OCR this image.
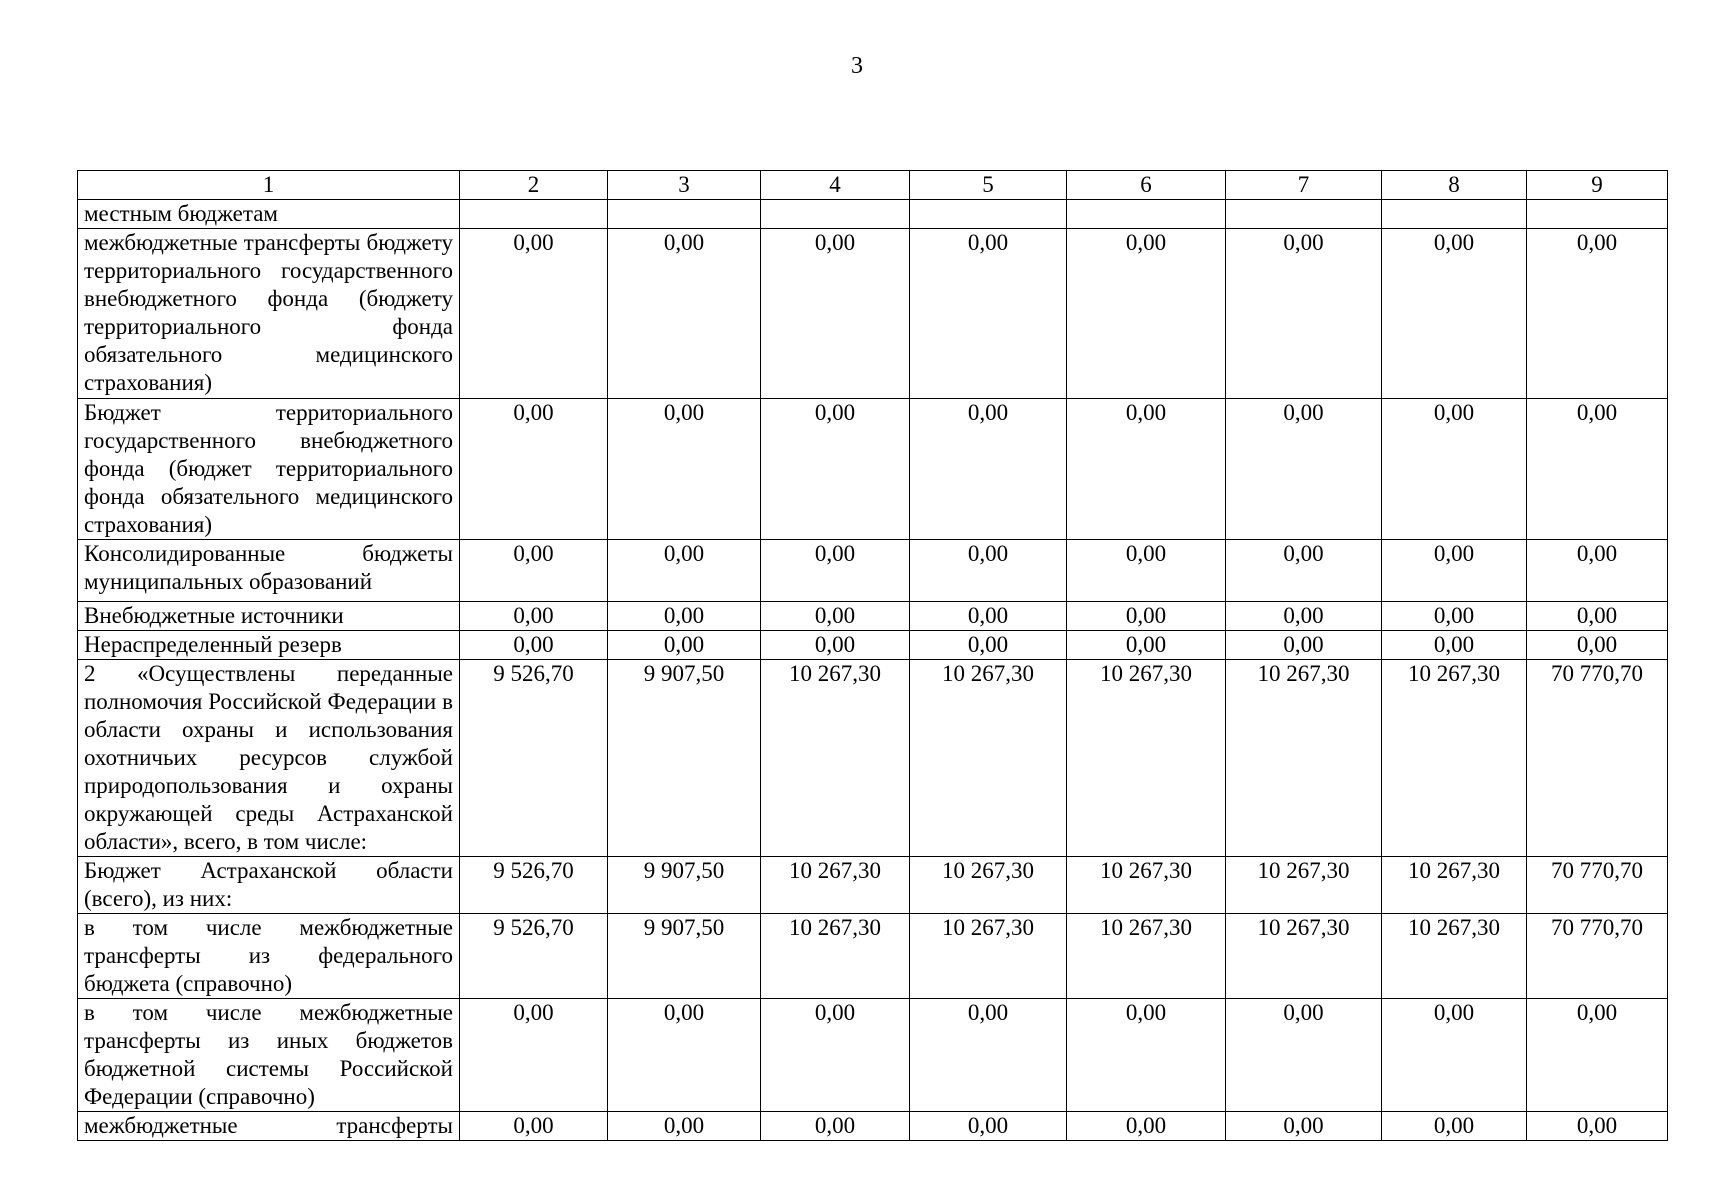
3
1	2	3	4	5	6	7	8	9
местным бюджетам								
межбюджетные трансферты бюджету территориального государственного внебюджетного фонда (бюджету территориального фонда обязательного медицинского страхования)	0,00	0,00	0,00	0,00	0,00	0,00	0,00	0,00
Бюджет территориального государственного внебюджетного фонда (бюджет территориального фонда обязательного медицинского страхования)	0,00	0,00	0,00	0,00	0,00	0,00	0,00	0,00
Консолидированные бюджеты муниципальных образований	0,00	0,00	0,00	0,00	0,00	0,00	0,00	0,00
Внебюджетные источники	0,00	0,00	0,00	0,00	0,00	0,00	0,00	0,00
Нераспределенный резерв	0,00	0,00	0,00	0,00	0,00	0,00	0,00	0,00
2 «Осуществлены переданные полномочия Российской Федерации в области охраны и использования охотничьих ресурсов службой природопользования и охраны окружающей среды Астраханской области», всего, в том числе:	9 526,70	9 907,50	10 267,30	10 267,30	10 267,30	10 267,30	10 267,30	70 770,70
Бюджет Астраханской области (всего), из них:	9 526,70	9 907,50	10 267,30	10 267,30	10 267,30	10 267,30	10 267,30	70 770,70
в том числе межбюджетные трансферты из федерального бюджета (справочно)	9 526,70	9 907,50	10 267,30	10 267,30	10 267,30	10 267,30	10 267,30	70 770,70
в том числе межбюджетные трансферты из иных бюджетов бюджетной системы Российской Федерации (справочно)	0,00	0,00	0,00	0,00	0,00	0,00	0,00	0,00
межбюджетные трансферты	0,00	0,00	0,00	0,00	0,00	0,00	0,00	0,00
